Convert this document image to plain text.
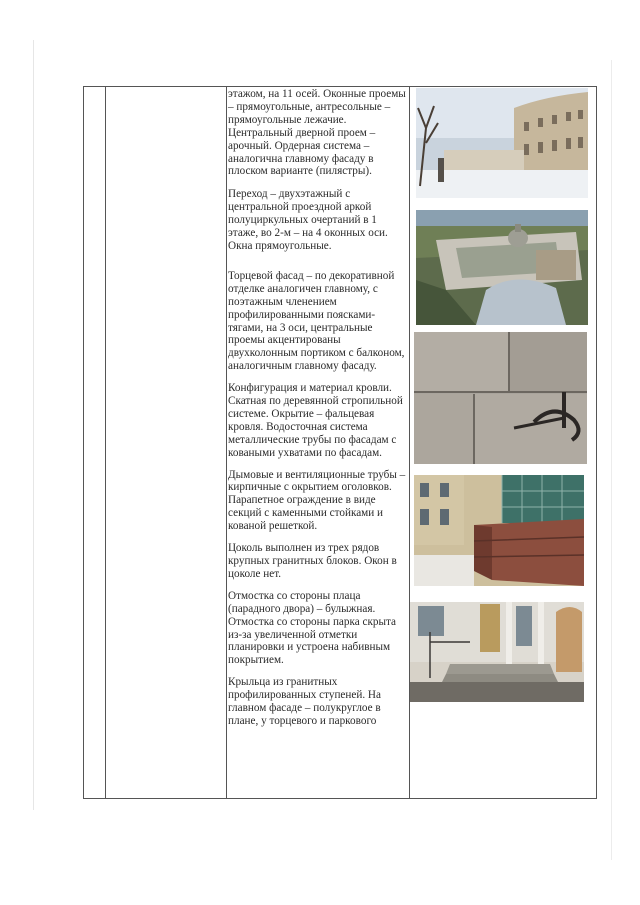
этажом, на 11 осей. Оконные проемы – прямоугольные, антресольные – прямоугольные лежачие. Центральный дверной проем – арочный. Ордерная система – аналогична главному фасаду в плоском варианте (пилястры).

Переход – двухэтажный с центральной проездной аркой полуциркульных очертаний в 1 этаже, во 2-м – на 4 оконных оси. Окна прямоугольные.

Торцевой фасад – по декоративной отделке аналогичен главному, с поэтажным членением профилированными поясками-тягами, на 3 оси, центральные проемы акцентированы двухколонным портиком с балконом, аналогичным главному фасаду.

Конфигурация и материал кровли. Скатная по деревянной стропильной системе. Окрытие – фальцевая кровля. Водосточная система металлические трубы по фасадам с коваными ухватами по фасадам.

Дымовые и вентиляционные трубы –кирпичные с окрытием оголовков. Парапетное ограждение в виде секций с каменными стойками и кованой решеткой.

Цоколь выполнен из трех рядов крупных гранитных блоков. Окон в цоколе нет.

Отмостка со стороны плаца (парадного двора) – булыжная. Отмостка со стороны парка скрыта из-за увеличенной отметки планировки и устроена набивным покрытием.

Крыльца из гранитных профилированных ступеней. На главном фасаде – полукруглое в плане, у торцевого и паркового
